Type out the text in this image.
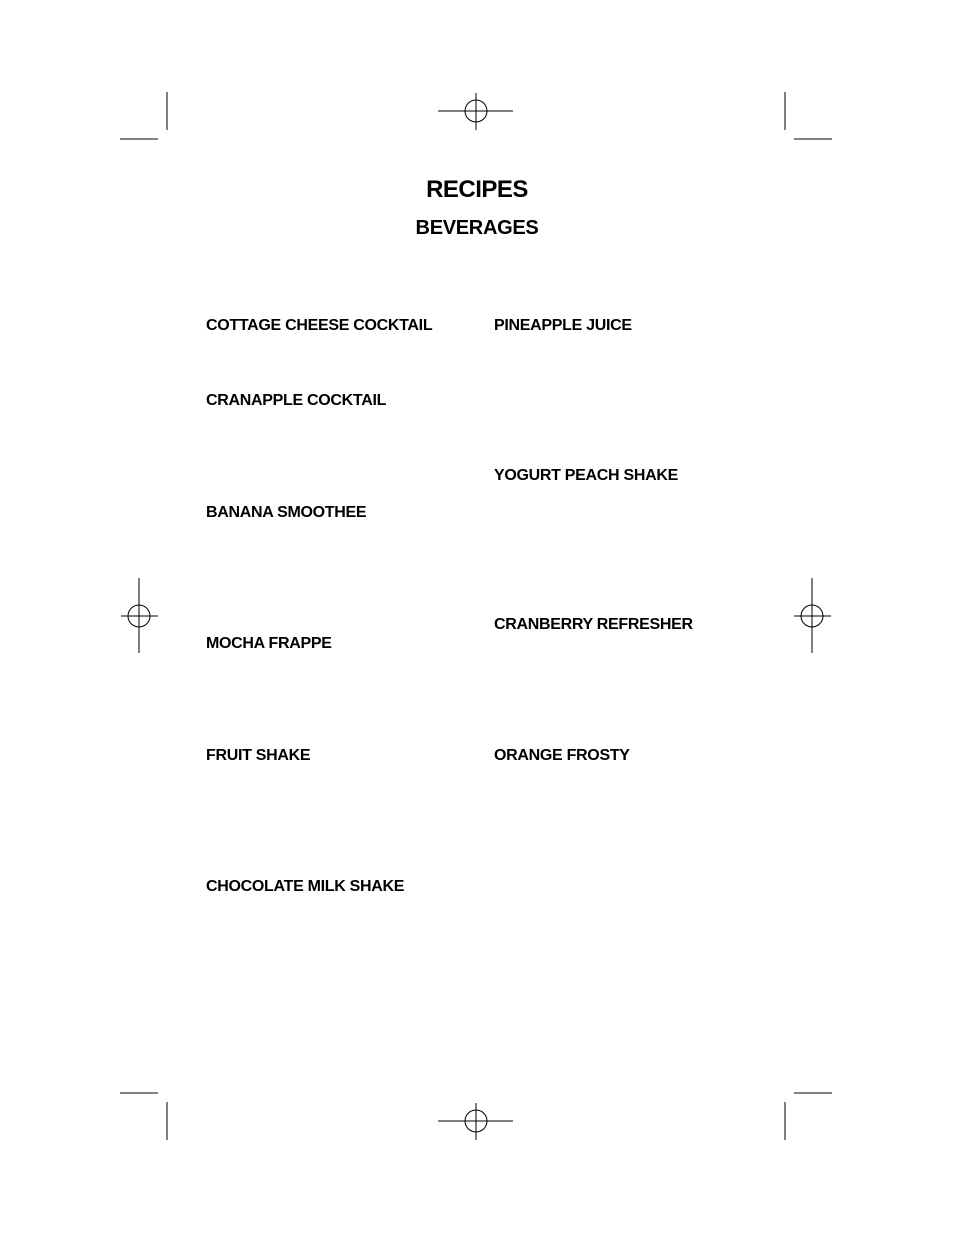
RECIPES
BEVERAGES
COTTAGE CHEESE COCKTAIL
CRANAPPLE COCKTAIL
BANANA SMOOTHEE
MOCHA FRAPPE
FRUIT SHAKE
CHOCOLATE MILK SHAKE
PINEAPPLE JUICE
YOGURT PEACH SHAKE
CRANBERRY REFRESHER
ORANGE FROSTY
